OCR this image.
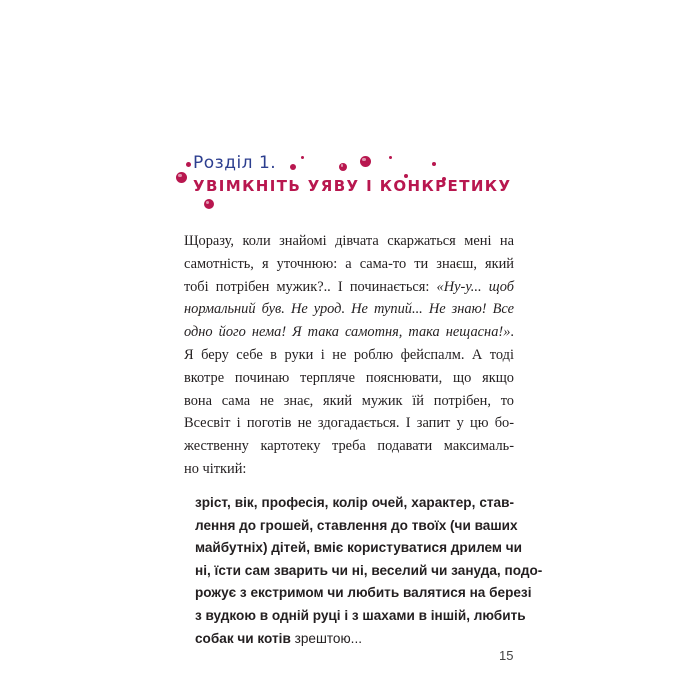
Розділ 1.
УВІМКНІТЬ УЯВУ І КОНКРЕТИКУ
Щоразу, коли знайомі дівчата скаржаться мені на
самотність, я уточнюю: а сама-то ти знаєш, який
тобі потрібен мужик?.. І починається: «Ну-у... щоб
нормальний був. Не урод. Не тупий... Не знаю! Все
одно його нема! Я така самотня, така нещасна!».
Я беру себе в руки і не роблю фейспалм. А тоді
вкотре починаю терпляче пояснювати, що якщо
вона сама не знає, який мужик їй потрібен, то
Всесвіт і поготів не здогадається. І запит у цю бо-
жественну картотеку треба подавати максималь-
но чіткий:
зріст, вік, професія, колір очей, характер, став-
лення до грошей, ставлення до твоїх (чи ваших
майбутніх) дітей, вміє користуватися дрилем чи
ні, їсти сам зварить чи ні, веселий чи зануда, подо-
рожує з екстримом чи любить валятися на березі
з вудкою в одній руці і з шахами в іншій, любить
собак чи котів зрештою...
15
